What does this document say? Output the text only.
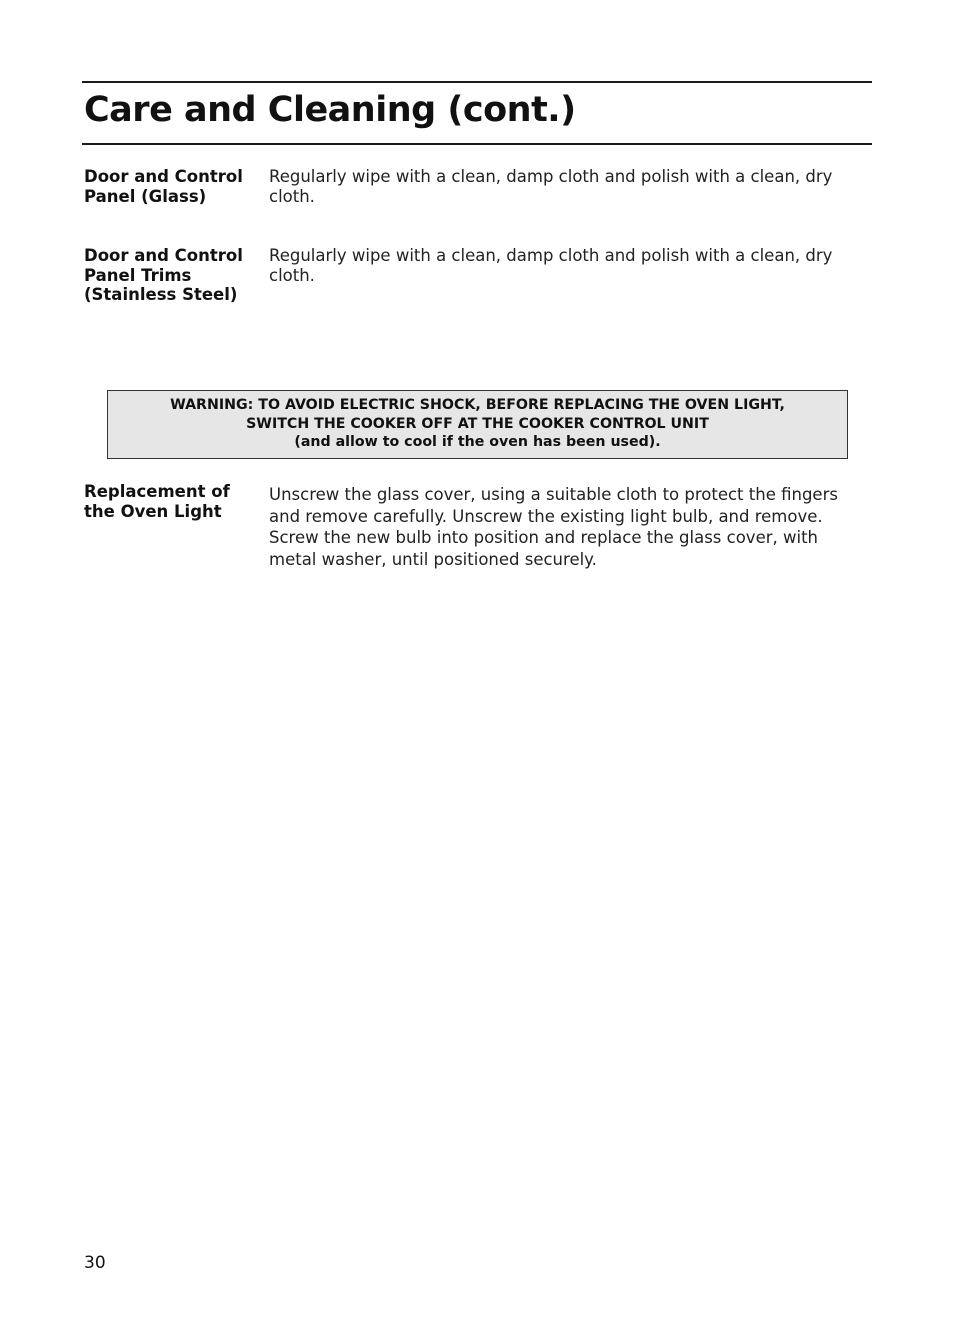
Care and Cleaning (cont.)
Door and Control
Panel (Glass)
Regularly wipe with a clean, damp cloth and polish with a clean, dry cloth.
Door and Control
Panel Trims
(Stainless Steel)
Regularly wipe with a clean, damp cloth and polish with a clean, dry cloth.
WARNING: TO AVOID ELECTRIC SHOCK, BEFORE REPLACING THE OVEN LIGHT,
SWITCH THE COOKER OFF AT THE COOKER CONTROL UNIT
(and allow to cool if the oven has been used).
Replacement of
the Oven Light
Unscrew the glass cover, using a suitable cloth to protect the fingers and remove carefully. Unscrew the existing light bulb, and remove. Screw the new bulb into position and replace the glass cover, with metal washer, until positioned securely.
30
